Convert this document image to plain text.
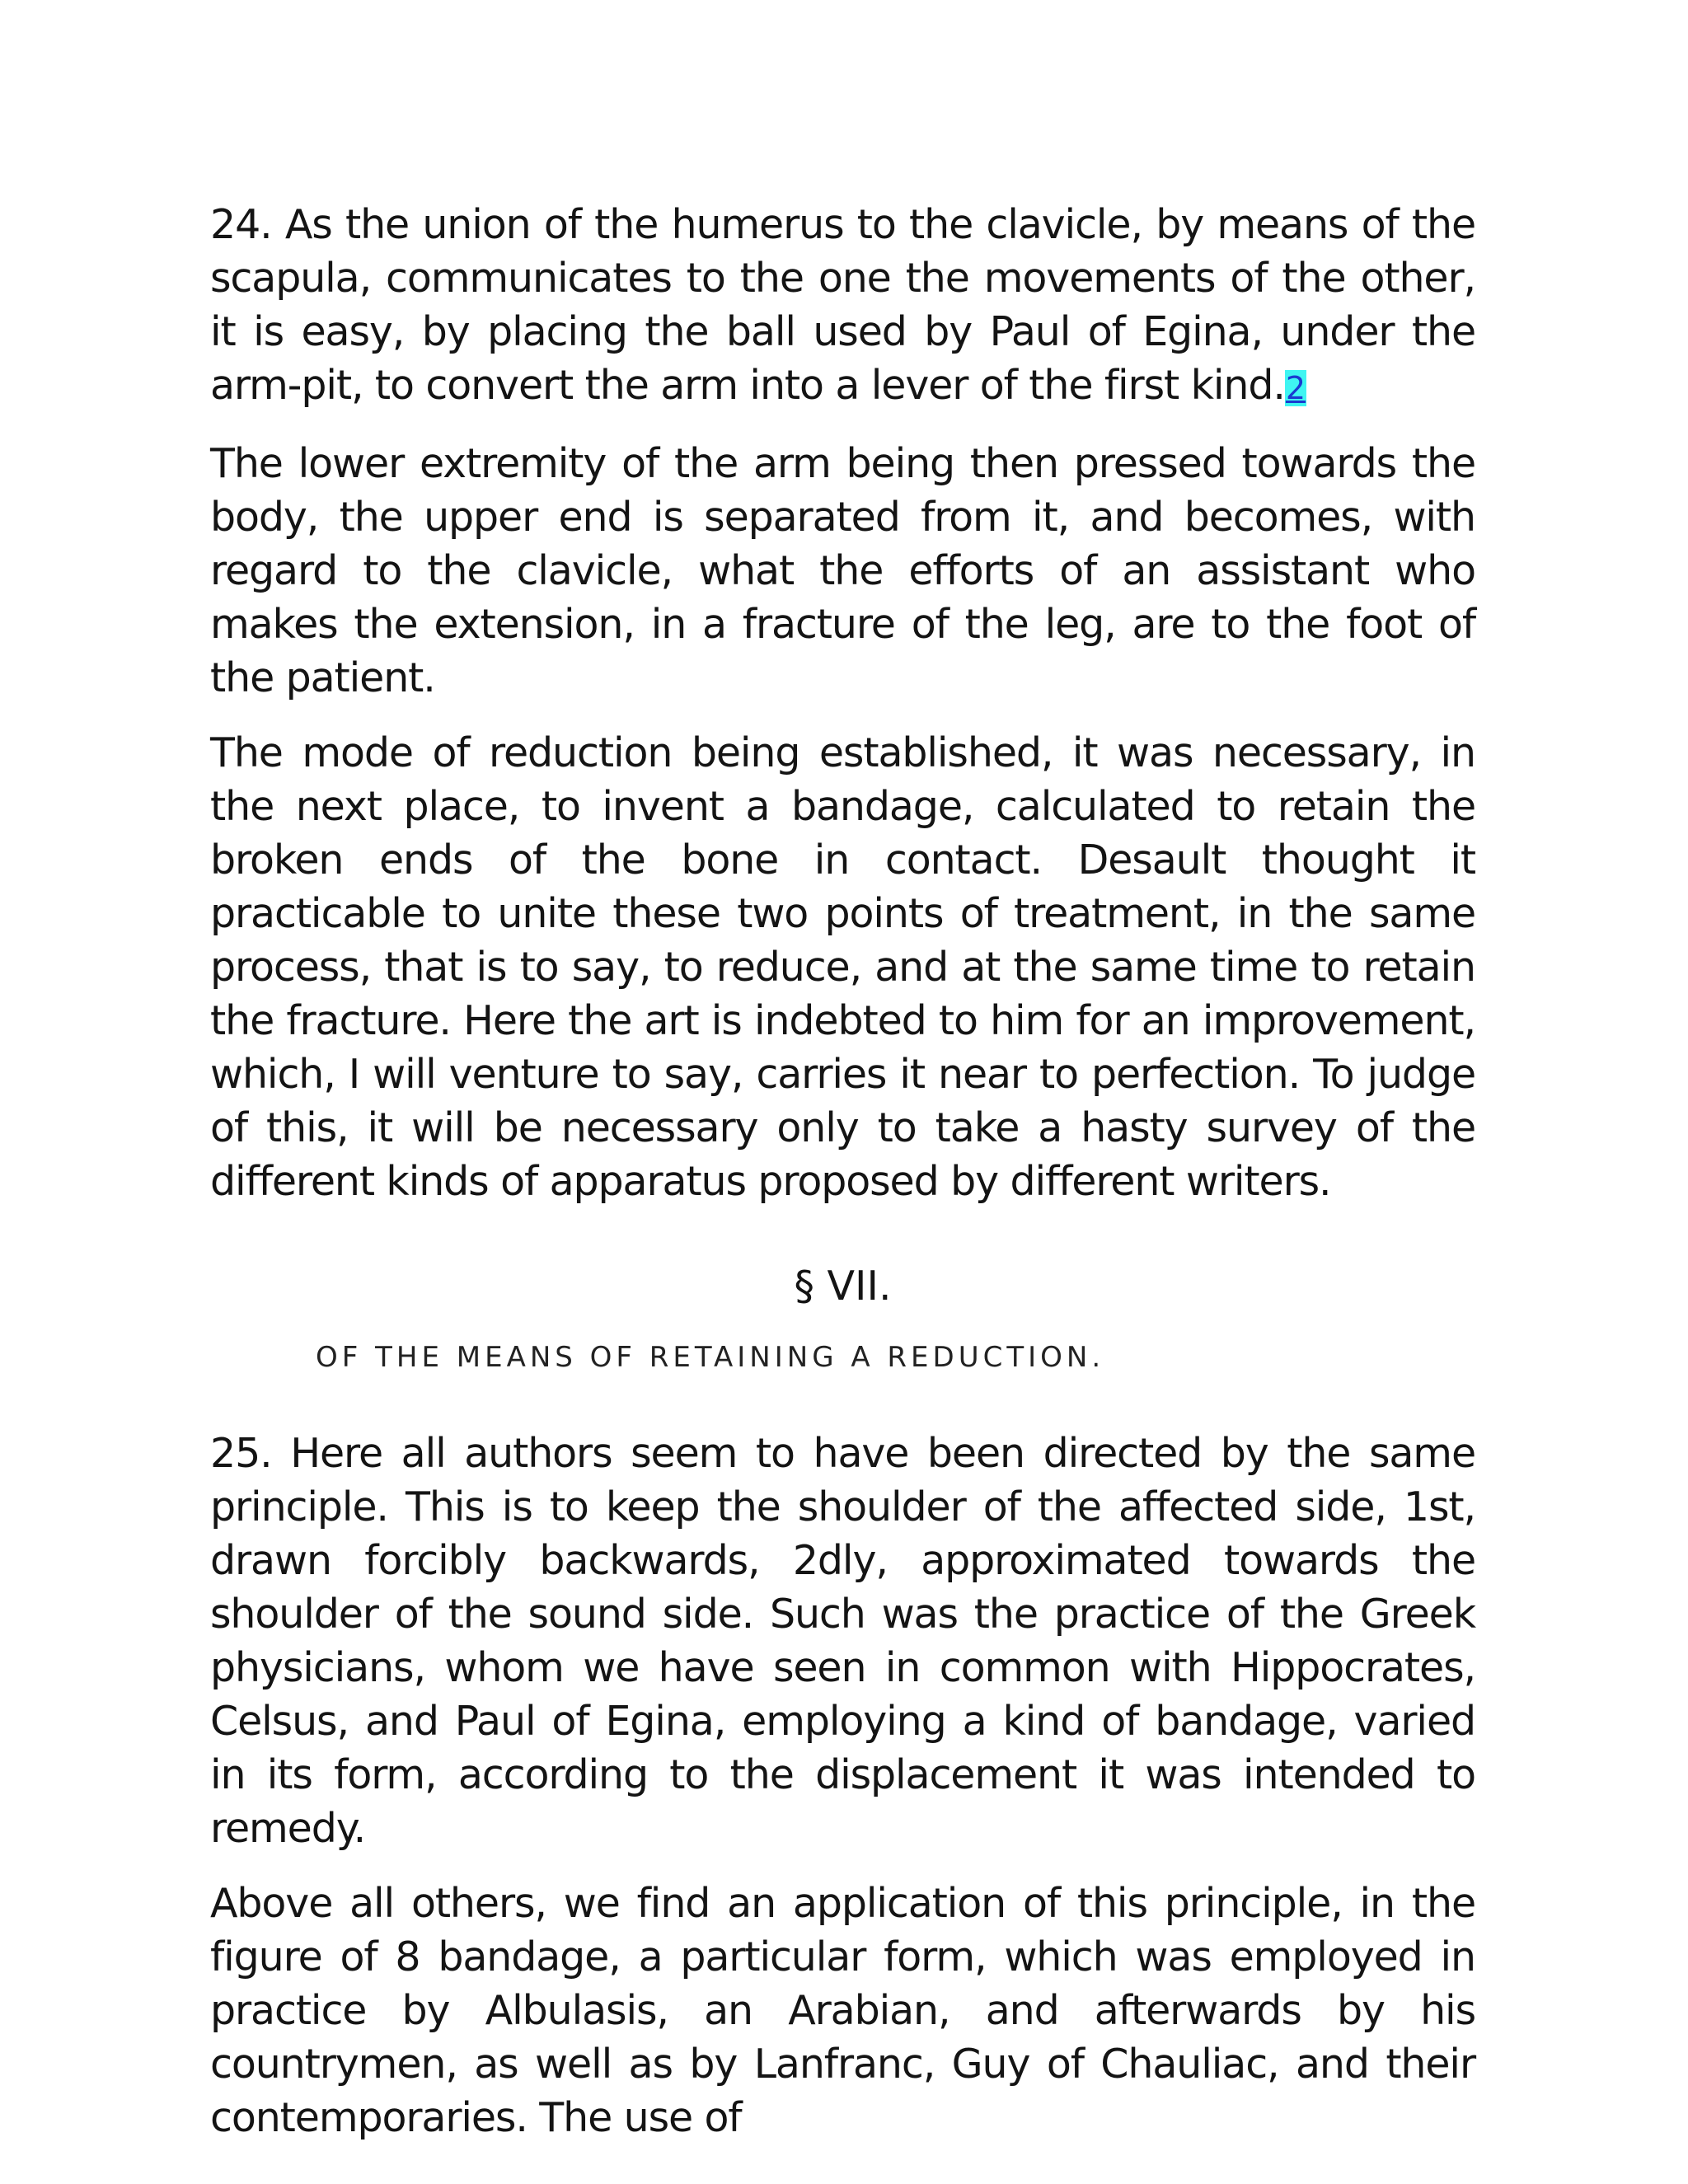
24. As the union of the humerus to the clavicle, by means of the scapula, communicates to the one the movements of the other, it is easy, by placing the ball used by Paul of Egina, under the arm-pit, to convert the arm into a lever of the first kind.2

The lower extremity of the arm being then pressed towards the body, the upper end is separated from it, and becomes, with regard to the clavicle, what the efforts of an assistant who makes the extension, in a fracture of the leg, are to the foot of the patient.

The mode of reduction being established, it was necessary, in the next place, to invent a bandage, calculated to retain the broken ends of the bone in contact. Desault thought it practicable to unite these two points of treatment, in the same process, that is to say, to reduce, and at the same time to retain the fracture. Here the art is indebted to him for an improvement, which, I will venture to say, carries it near to perfection. To judge of this, it will be necessary only to take a hasty survey of the different kinds of apparatus proposed by different writers.

§ VII.
OF THE MEANS OF RETAINING A REDUCTION.

25. Here all authors seem to have been directed by the same principle. This is to keep the shoulder of the affected side, 1st, drawn forcibly backwards, 2dly, approximated towards the shoulder of the sound side. Such was the practice of the Greek physicians, whom we have seen in common with Hippocrates, Celsus, and Paul of Egina, employing a kind of bandage, varied in its form, according to the displacement it was intended to remedy.

Above all others, we find an application of this principle, in the figure of 8 bandage, a particular form, which was employed in practice by Albulasis, an Arabian, and afterwards by his countrymen, as well as by Lanfranc, Guy of Chauliac, and their contemporaries. The use of
